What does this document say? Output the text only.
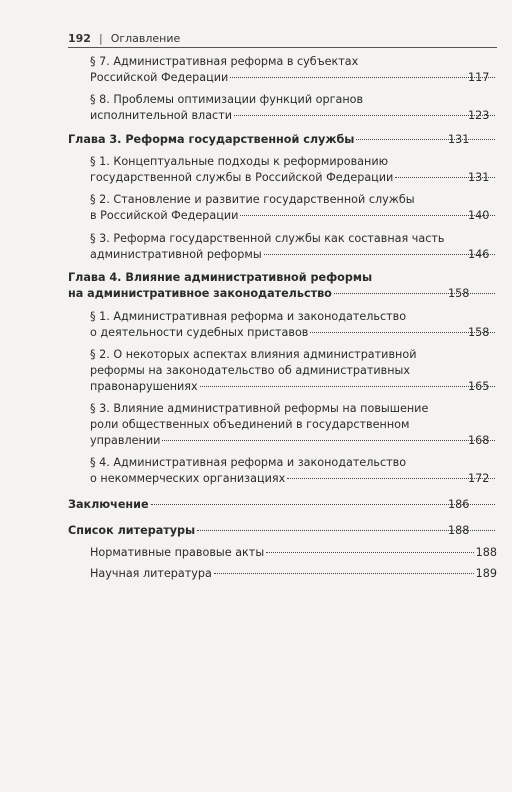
192 | Оглавление
§ 7. Административная реформа в субъектах
Российской Федерации	117
§ 8. Проблемы оптимизации функций органов
исполнительной власти	123
Глава 3. Реформа государственной службы	131
§ 1. Концептуальные подходы к реформированию
государственной службы в Российской Федерации	131
§ 2. Становление и развитие государственной службы
в Российской Федерации	140
§ 3. Реформа государственной службы как составная часть
административной реформы	146
Глава 4. Влияние административной реформы
на административное законодательство	158
§ 1. Административная реформа и законодательство
о деятельности судебных приставов	158
§ 2. О некоторых аспектах влияния административной
реформы на законодательство об административных
правонарушениях	165
§ 3. Влияние административной реформы на повышение
роли общественных объединений в государственном
управлении	168
§ 4. Административная реформа и законодательство
о некоммерческих организациях	172
Заключение	186
Список литературы	188
Нормативные правовые акты	188
Научная литература	189
